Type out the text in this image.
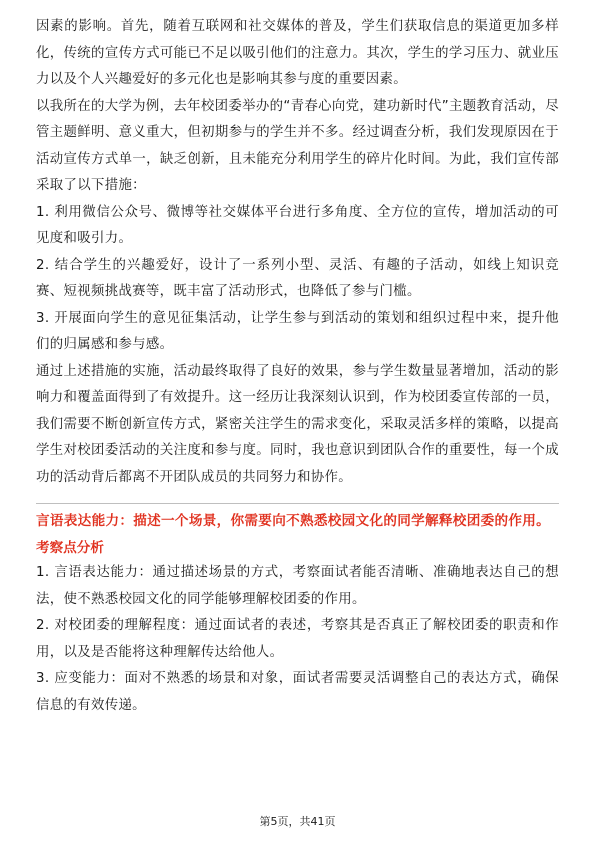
因素的影响。首先，随着互联网和社交媒体的普及，学生们获取信息的渠道更加多样化，传统的宣传方式可能已不足以吸引他们的注意力。其次，学生的学习压力、就业压力以及个人兴趣爱好的多元化也是影响其参与度的重要因素。

以我所在的大学为例，去年校团委举办的“青春心向党，建功新时代”主题教育活动，尽管主题鲜明、意义重大，但初期参与的学生并不多。经过调查分析，我们发现原因在于活动宣传方式单一，缺乏创新，且未能充分利用学生的碎片化时间。为此，我们宣传部采取了以下措施：

1. 利用微信公众号、微博等社交媒体平台进行多角度、全方位的宣传，增加活动的可见度和吸引力。

2. 结合学生的兴趣爱好，设计了一系列小型、灵活、有趣的子活动，如线上知识竞赛、短视频挑战赛等，既丰富了活动形式，也降低了参与门槛。

3. 开展面向学生的意见征集活动，让学生参与到活动的策划和组织过程中来，提升他们的归属感和参与感。

通过上述措施的实施，活动最终取得了良好的效果，参与学生数量显著增加，活动的影响力和覆盖面得到了有效提升。这一经历让我深刻认识到，作为校团委宣传部的一员，我们需要不断创新宣传方式，紧密关注学生的需求变化，采取灵活多样的策略，以提高学生对校团委活动的关注度和参与度。同时，我也意识到团队合作的重要性，每一个成功的活动背后都离不开团队成员的共同努力和协作。

言语表达能力：描述一个场景，你需要向不熟悉校园文化的同学解释校团委的作用。

考察点分析

1. 言语表达能力：通过描述场景的方式，考察面试者能否清晰、准确地表达自己的想法，使不熟悉校园文化的同学能够理解校团委的作用。

2. 对校团委的理解程度：通过面试者的表述，考察其是否真正了解校团委的职责和作用，以及是否能将这种理解传达给他人。

3. 应变能力：面对不熟悉的场景和对象，面试者需要灵活调整自己的表达方式，确保信息的有效传递。

第5页，共41页
